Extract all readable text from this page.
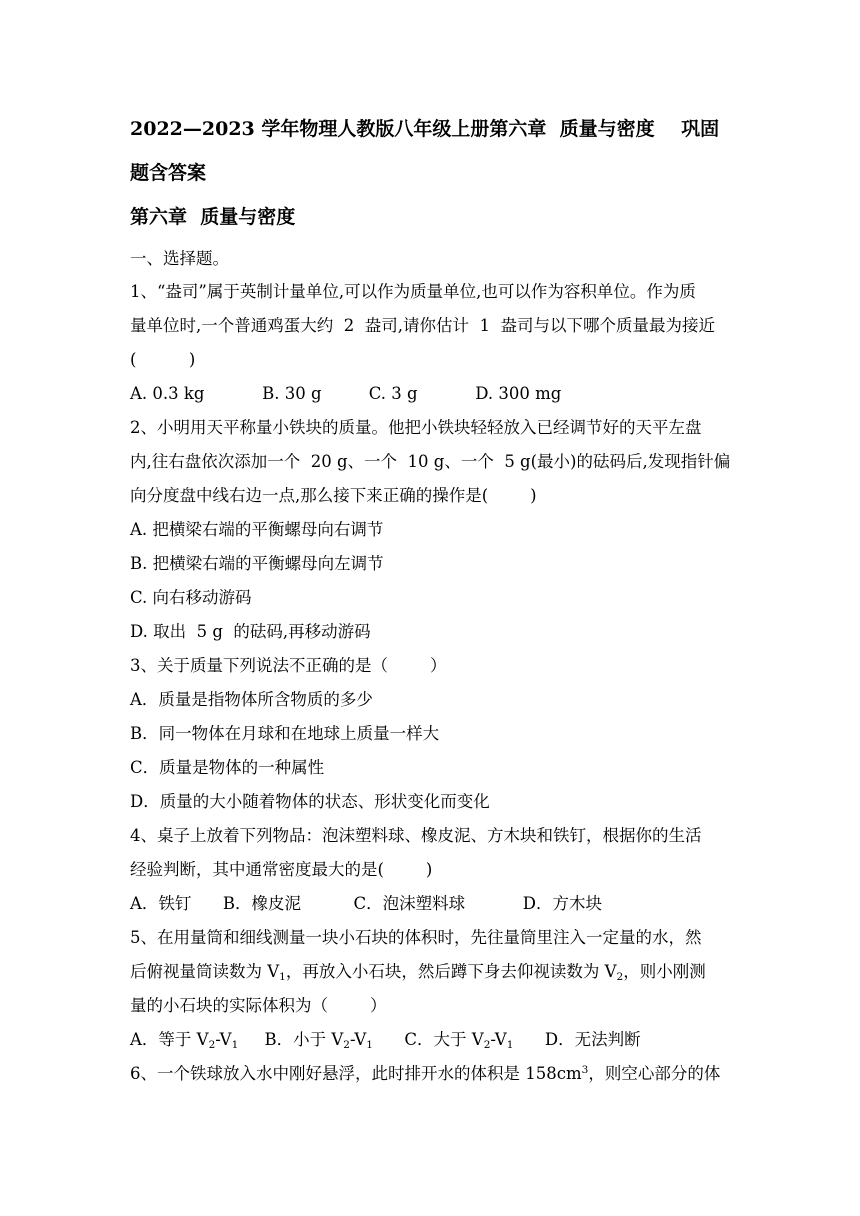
2022—2023 学年物理人教版八年级上册第六章  质量与密度    巩固
题含答案
第六章  质量与密度
一、选择题。
1、“盎司”属于英制计量单位,可以作为质量单位,也可以作为容积单位。作为质
量单位时,一个普通鸡蛋大约  2  盎司,请你估计  1  盎司与以下哪个质量最为接近
(          )
A. 0.3 kg           B. 30 g         C. 3 g           D. 300 mg
2、小明用天平称量小铁块的质量。他把小铁块轻轻放入已经调节好的天平左盘
内,往右盘依次添加一个  20 g、一个  10 g、一个  5 g(最小)的砝码后,发现指针偏
向分度盘中线右边一点,那么接下来正确的操作是(        )
A. 把横梁右端的平衡螺母向右调节
B. 把横梁右端的平衡螺母向左调节
C. 向右移动游码
D. 取出  5 g  的砝码,再移动游码
3、关于质量下列说法不正确的是（        ）
A．质量是指物体所含物质的多少
B．同一物体在月球和在地球上质量一样大
C．质量是物体的一种属性
D．质量的大小随着物体的状态、形状变化而变化
4、桌子上放着下列物品：泡沫塑料球、橡皮泥、方木块和铁钉，根据你的生活
经验判断，其中通常密度最大的是(        )
A．铁钉      B．橡皮泥          C．泡沫塑料球           D．方木块
5、在用量筒和细线测量一块小石块的体积时，先往量筒里注入一定量的水，然
后俯视量筒读数为 V1，再放入小石块，然后蹲下身去仰视读数为 V2，则小刚测
量的小石块的实际体积为（        ）
A．等于 V2-V1     B．小于 V2-V1      C．大于 V2-V1      D．无法判断
6、一个铁球放入水中刚好悬浮，此时排开水的体积是 $158cm^3$，则空心部分的体
